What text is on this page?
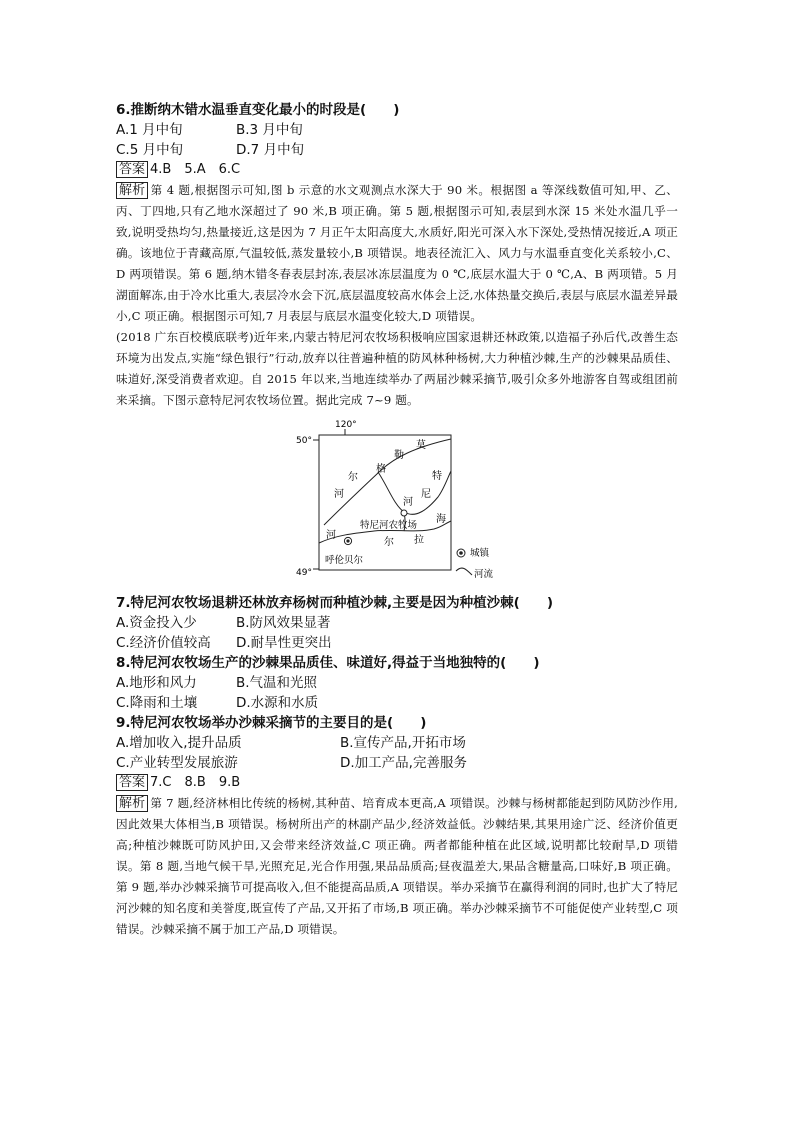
6.推断纳木错水温垂直变化最小的时段是(　　)

A.1 月中旬	B.3 月中旬
C.5 月中旬	D.7 月中旬
答案 4.B　5.A　6.C

解析 第 4 题,根据图示可知,图 b 示意的水文观测点水深大于 90 米。根据图 a 等深线数值可知,甲、乙、丙、丁四地,只有乙地水深超过了 90 米,B 项正确。第 5 题,根据图示可知,表层到水深 15 米处水温几乎一致,说明受热均匀,热量接近,这是因为 7 月正午太阳高度大,水质好,阳光可深入水下深处,受热情况接近,A 项正确。该地位于青藏高原,气温较低,蒸发量较小,B 项错误。地表径流汇入、风力与水温垂直变化关系较小,C、D 两项错误。第 6 题,纳木错冬春表层封冻,表层冰冻层温度为 0 ℃,底层水温大于 0 ℃,A、B 两项错。5 月湖面解冻,由于冷水比重大,表层冷水会下沉,底层温度较高水体会上泛,水体热量交换后,表层与底层水温差异最小,C 项正确。根据图示可知,7 月表层与底层水温变化较大,D 项错误。

(2018 广东百校模底联考)近年来,内蒙古特尼河农牧场积极响应国家退耕还林政策,以造福子孙后代,改善生态环境为出发点,实施“绿色银行”行动,放弃以往普遍种植的防风林种杨树,大力种植沙棘,生产的沙棘果品质佳、味道好,深受消费者欢迎。自 2015 年以来,当地连续举办了两届沙棘采摘节,吸引众多外地游客自驾或组团前来采摘。下图示意特尼河农牧场位置。据此完成 7~9 题。

120°
50°
49°
格
勒
莫
尔
河
特
尼
河
海
河
尔 拉
特尼河农牧场
呼伦贝尔
城镇
河流

7.特尼河农牧场退耕还林放弃杨树而种植沙棘,主要是因为种植沙棘(　　)

A.资金投入少	B.防风效果显著
C.经济价值较高	D.耐旱性更突出

8.特尼河农牧场生产的沙棘果品质佳、味道好,得益于当地独特的(　　)

A.地形和风力	B.气温和光照
C.降雨和土壤	D.水源和水质

9.特尼河农牧场举办沙棘采摘节的主要目的是(　　)

A.增加收入,提升品质	B.宣传产品,开拓市场
C.产业转型发展旅游	D.加工产品,完善服务
答案 7.C　8.B　9.B

解析 第 7 题,经济林相比传统的杨树,其种苗、培育成本更高,A 项错误。沙棘与杨树都能起到防风防沙作用,因此效果大体相当,B 项错误。杨树所出产的林副产品少,经济效益低。沙棘结果,其果用途广泛、经济价值更高;种植沙棘既可防风护田,又会带来经济效益,C 项正确。两者都能种植在此区域,说明都比较耐旱,D 项错误。第 8 题,当地气候干旱,光照充足,光合作用强,果品品质高;昼夜温差大,果品含糖量高,口味好,B 项正确。第 9 题,举办沙棘采摘节可提高收入,但不能提高品质,A 项错误。举办采摘节在赢得利润的同时,也扩大了特尼河沙棘的知名度和美誉度,既宣传了产品,又开拓了市场,B 项正确。举办沙棘采摘节不可能促使产业转型,C 项错误。沙棘采摘不属于加工产品,D 项错误。
